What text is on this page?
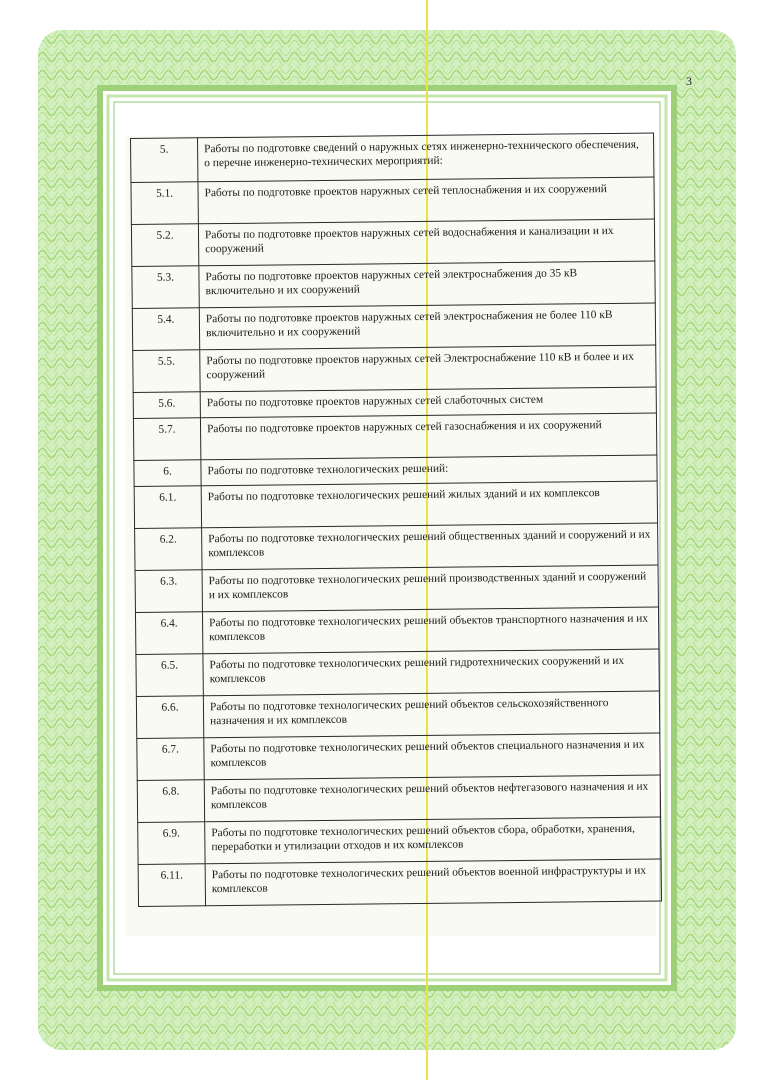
3
5.	Работы по подготовке сведений о наружных сетях инженерно-технического обеспечения, о перечне инженерно-технических мероприятий:
5.1.	Работы по подготовке проектов наружных сетей теплоснабжения и их сооружений
5.2.	Работы по подготовке проектов наружных сетей водоснабжения и канализации и их сооружений
5.3.	Работы по подготовке проектов наружных сетей электроснабжения до 35 кВ включительно и их сооружений
5.4.	Работы по подготовке проектов наружных сетей электроснабжения не более 110 кВ включительно и их сооружений
5.5.	Работы по подготовке проектов наружных сетей Электроснабжение 110 кВ и более и их сооружений
5.6.	Работы по подготовке проектов наружных сетей слаботочных систем
5.7.	Работы по подготовке проектов наружных сетей газоснабжения и их сооружений
6.	Работы по подготовке технологических решений:
6.1.	Работы по подготовке технологических решений жилых зданий и их комплексов
6.2.	Работы по подготовке технологических решений общественных зданий и сооружений и их комплексов
6.3.	Работы по подготовке технологических решений производственных зданий и сооружений и их комплексов
6.4.	Работы по подготовке технологических решений объектов транспортного назначения и их комплексов
6.5.	Работы по подготовке технологических решений гидротехнических сооружений и их комплексов
6.6.	Работы по подготовке технологических решений объектов сельскохозяйственного назначения и их комплексов
6.7.	Работы по подготовке технологических решений объектов специального назначения и их комплексов
6.8.	Работы по подготовке технологических решений объектов нефтегазового назначения и их комплексов
6.9.	Работы по подготовке технологических решений объектов сбора, обработки, хранения, переработки и утилизации отходов и их комплексов
6.11.	Работы по подготовке технологических решений объектов военной инфраструктуры и их комплексов
